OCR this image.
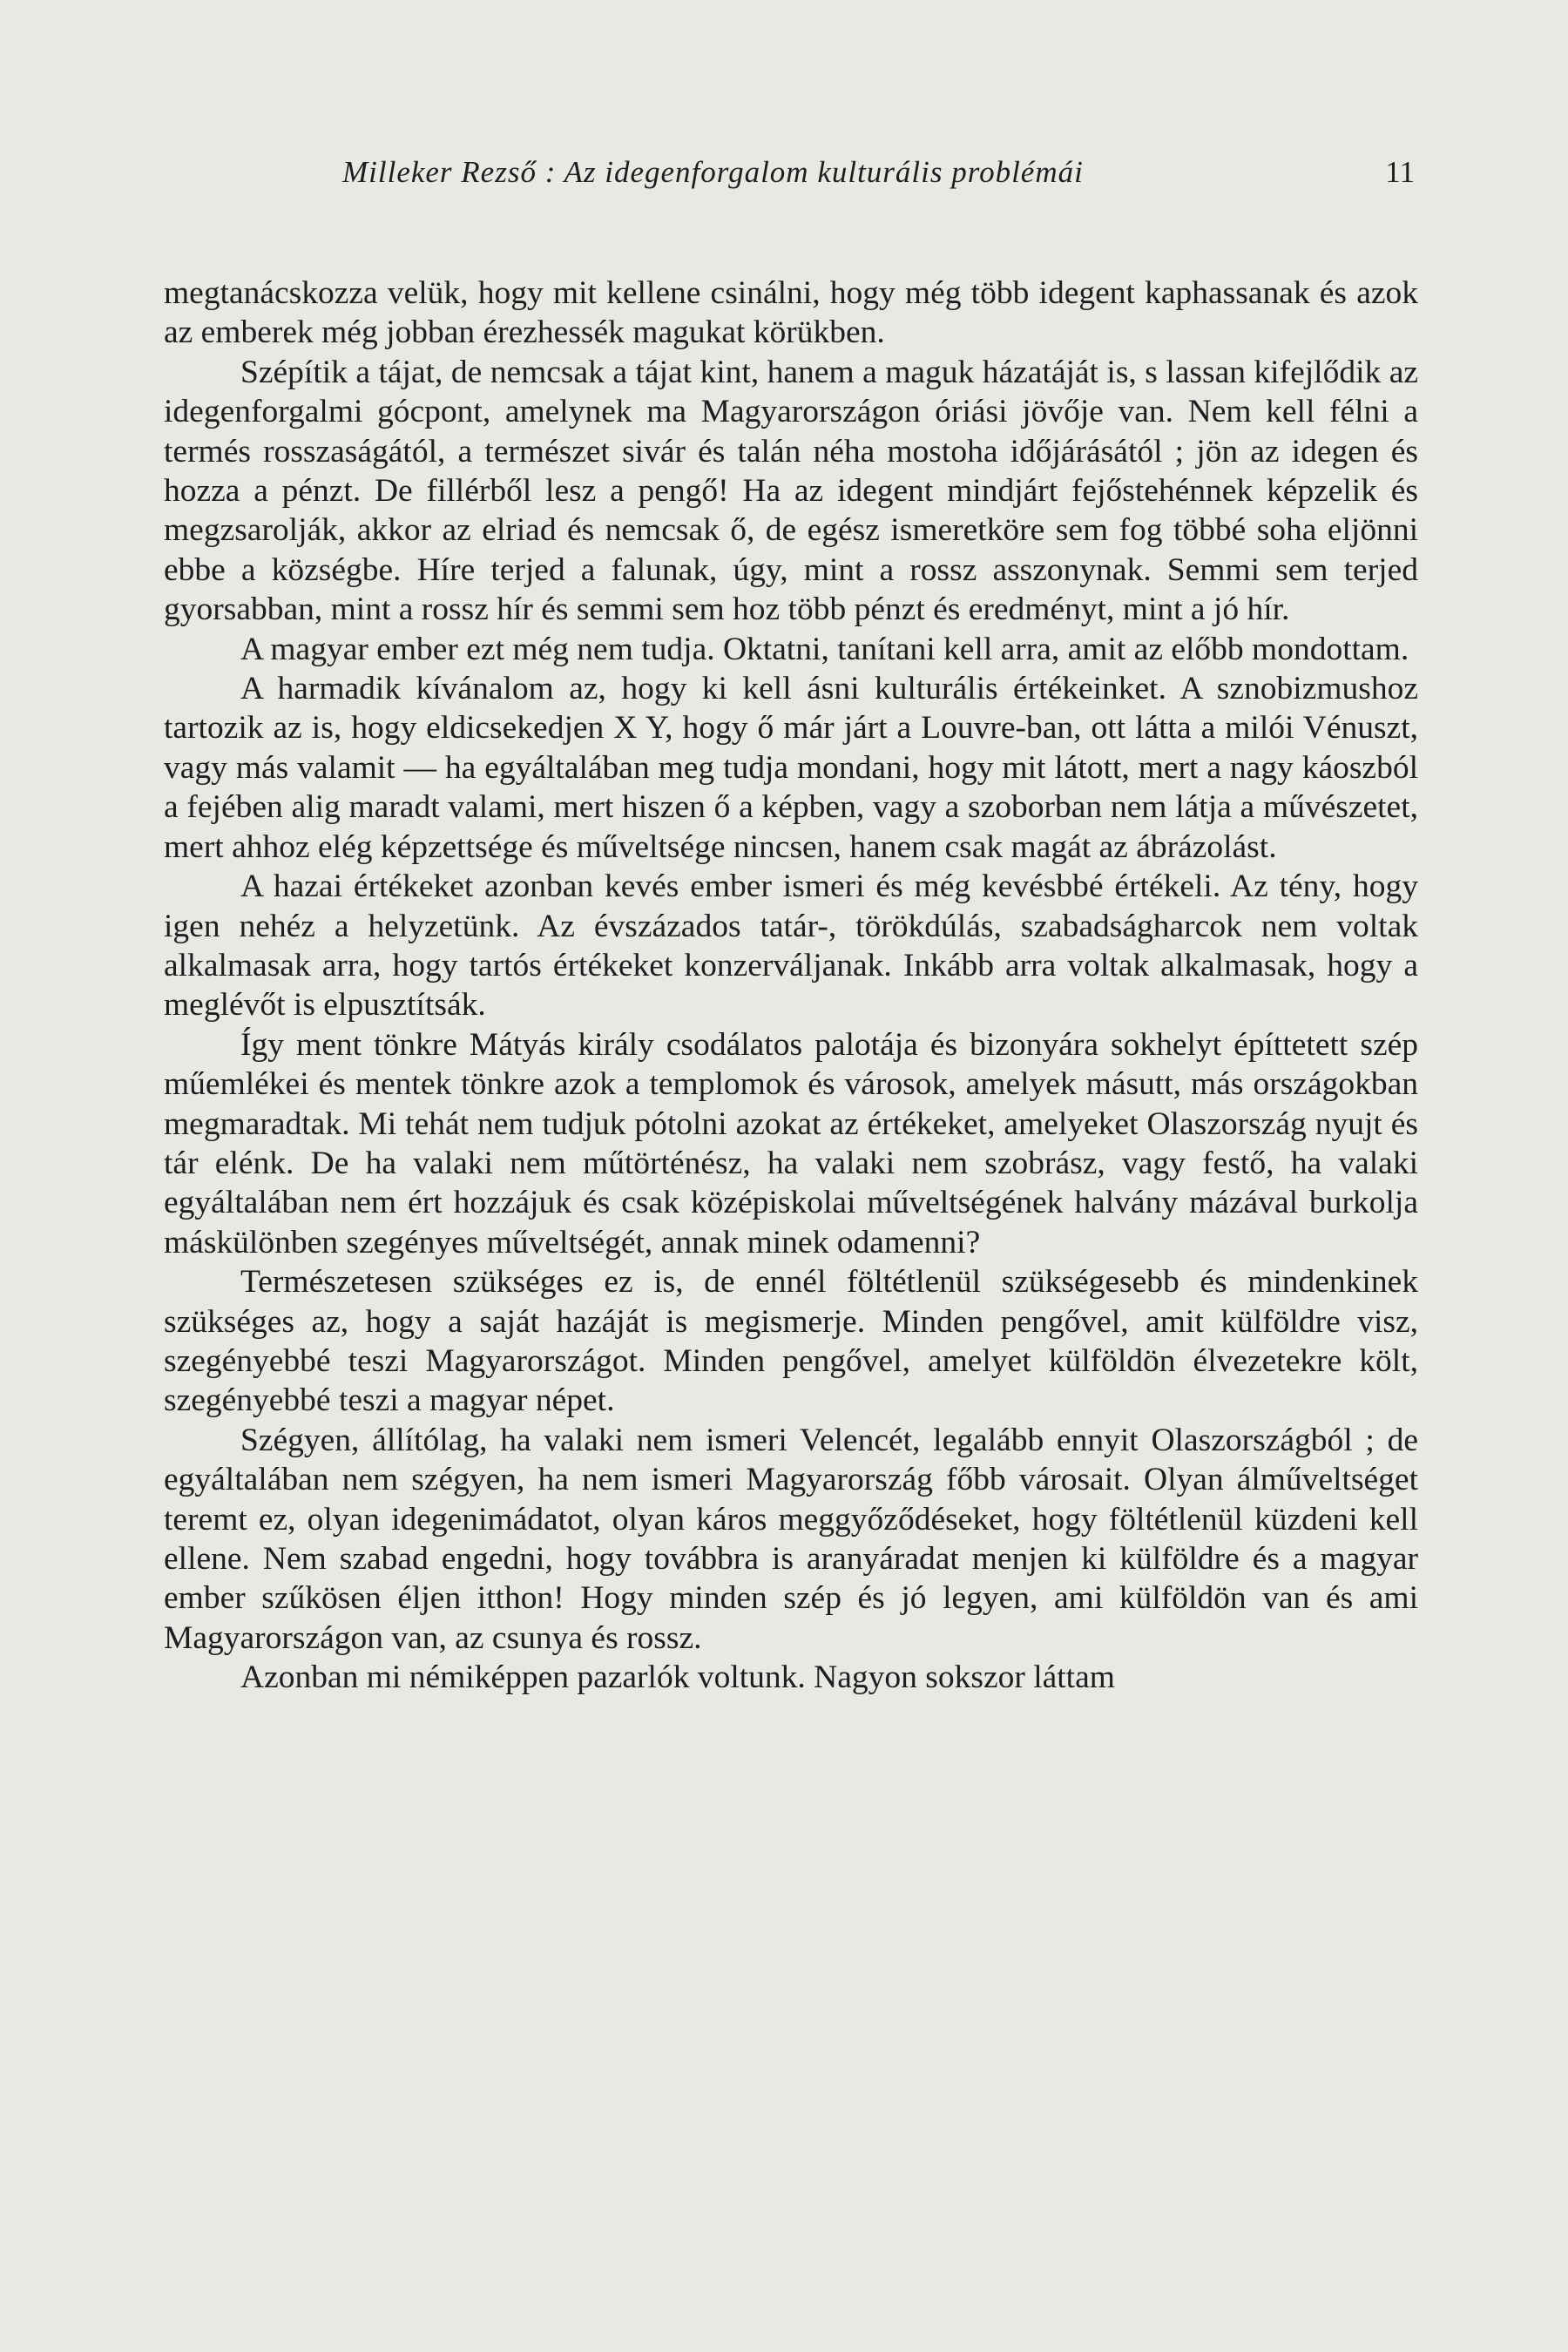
Milleker Rezső : Az idegenforgalom kulturális problémái	11

megtanácskozza velük, hogy mit kellene csinálni, hogy még több idegent kaphassanak és azok az emberek még jobban érezhessék magukat körükben.

Szépítik a tájat, de nemcsak a tájat kint, hanem a maguk házatáját is, s lassan kifejlődik az idegenforgalmi gócpont, amelynek ma Magyarországon óriási jövője van. Nem kell félni a termés rosszaságától, a természet sivár és talán néha mostoha időjárásától ; jön az idegen és hozza a pénzt. De fillérből lesz a pengő! Ha az idegent mindjárt fejőstehénnek képzelik és megzsarolják, akkor az elriad és nemcsak ő, de egész ismeretköre sem fog többé soha eljönni ebbe a községbe. Híre terjed a falunak, úgy, mint a rossz asszonynak. Semmi sem terjed gyorsabban, mint a rossz hír és semmi sem hoz több pénzt és eredményt, mint a jó hír.

A magyar ember ezt még nem tudja. Oktatni, tanítani kell arra, amit az előbb mondottam.

A harmadik kívánalom az, hogy ki kell ásni kulturális értékeinket. A sznobizmushoz tartozik az is, hogy eldicsekedjen X Y, hogy ő már járt a Louvre-ban, ott látta a milói Vénuszt, vagy más valamit — ha egyáltalában meg tudja mondani, hogy mit látott, mert a nagy káoszból a fejében alig maradt valami, mert hiszen ő a képben, vagy a szoborban nem látja a művészetet, mert ahhoz elég képzettsége és műveltsége nincsen, hanem csak magát az ábrázolást.

A hazai értékeket azonban kevés ember ismeri és még kevésbbé értékeli. Az tény, hogy igen nehéz a helyzetünk. Az évszázados tatár-, törökdúlás, szabadságharcok nem voltak alkalmasak arra, hogy tartós értékeket konzerváljanak. Inkább arra voltak alkalmasak, hogy a meglévőt is elpusztítsák.

Így ment tönkre Mátyás király csodálatos palotája és bizonyára sokhelyt építtetett szép műemlékei és mentek tönkre azok a templomok és városok, amelyek másutt, más országokban megmaradtak. Mi tehát nem tudjuk pótolni azokat az értékeket, amelyeket Olaszország nyujt és tár elénk. De ha valaki nem műtörténész, ha valaki nem szobrász, vagy festő, ha valaki egyáltalában nem ért hozzájuk és csak középiskolai műveltségének halvány mázával burkolja máskülönben szegényes műveltségét, annak minek odamenni?

Természetesen szükséges ez is, de ennél föltétlenül szükségesebb és mindenkinek szükséges az, hogy a saját hazáját is megismerje. Minden pengővel, amit külföldre visz, szegényebbé teszi Magyarországot. Minden pengővel, amelyet külföldön élvezetekre költ, szegényebbé teszi a magyar népet.

Szégyen, állítólag, ha valaki nem ismeri Velencét, legalább ennyit Olaszországból ; de egyáltalában nem szégyen, ha nem ismeri Magyarország főbb városait. Olyan álműveltséget teremt ez, olyan idegenimádatot, olyan káros meggyőződéseket, hogy föltétlenül küzdeni kell ellene. Nem szabad engedni, hogy továbbra is aranyáradat menjen ki külföldre és a magyar ember szűkösen éljen itthon! Hogy minden szép és jó legyen, ami külföldön van és ami Magyarországon van, az csunya és rossz.

Azonban mi némiképpen pazarlók voltunk. Nagyon sokszor láttam
